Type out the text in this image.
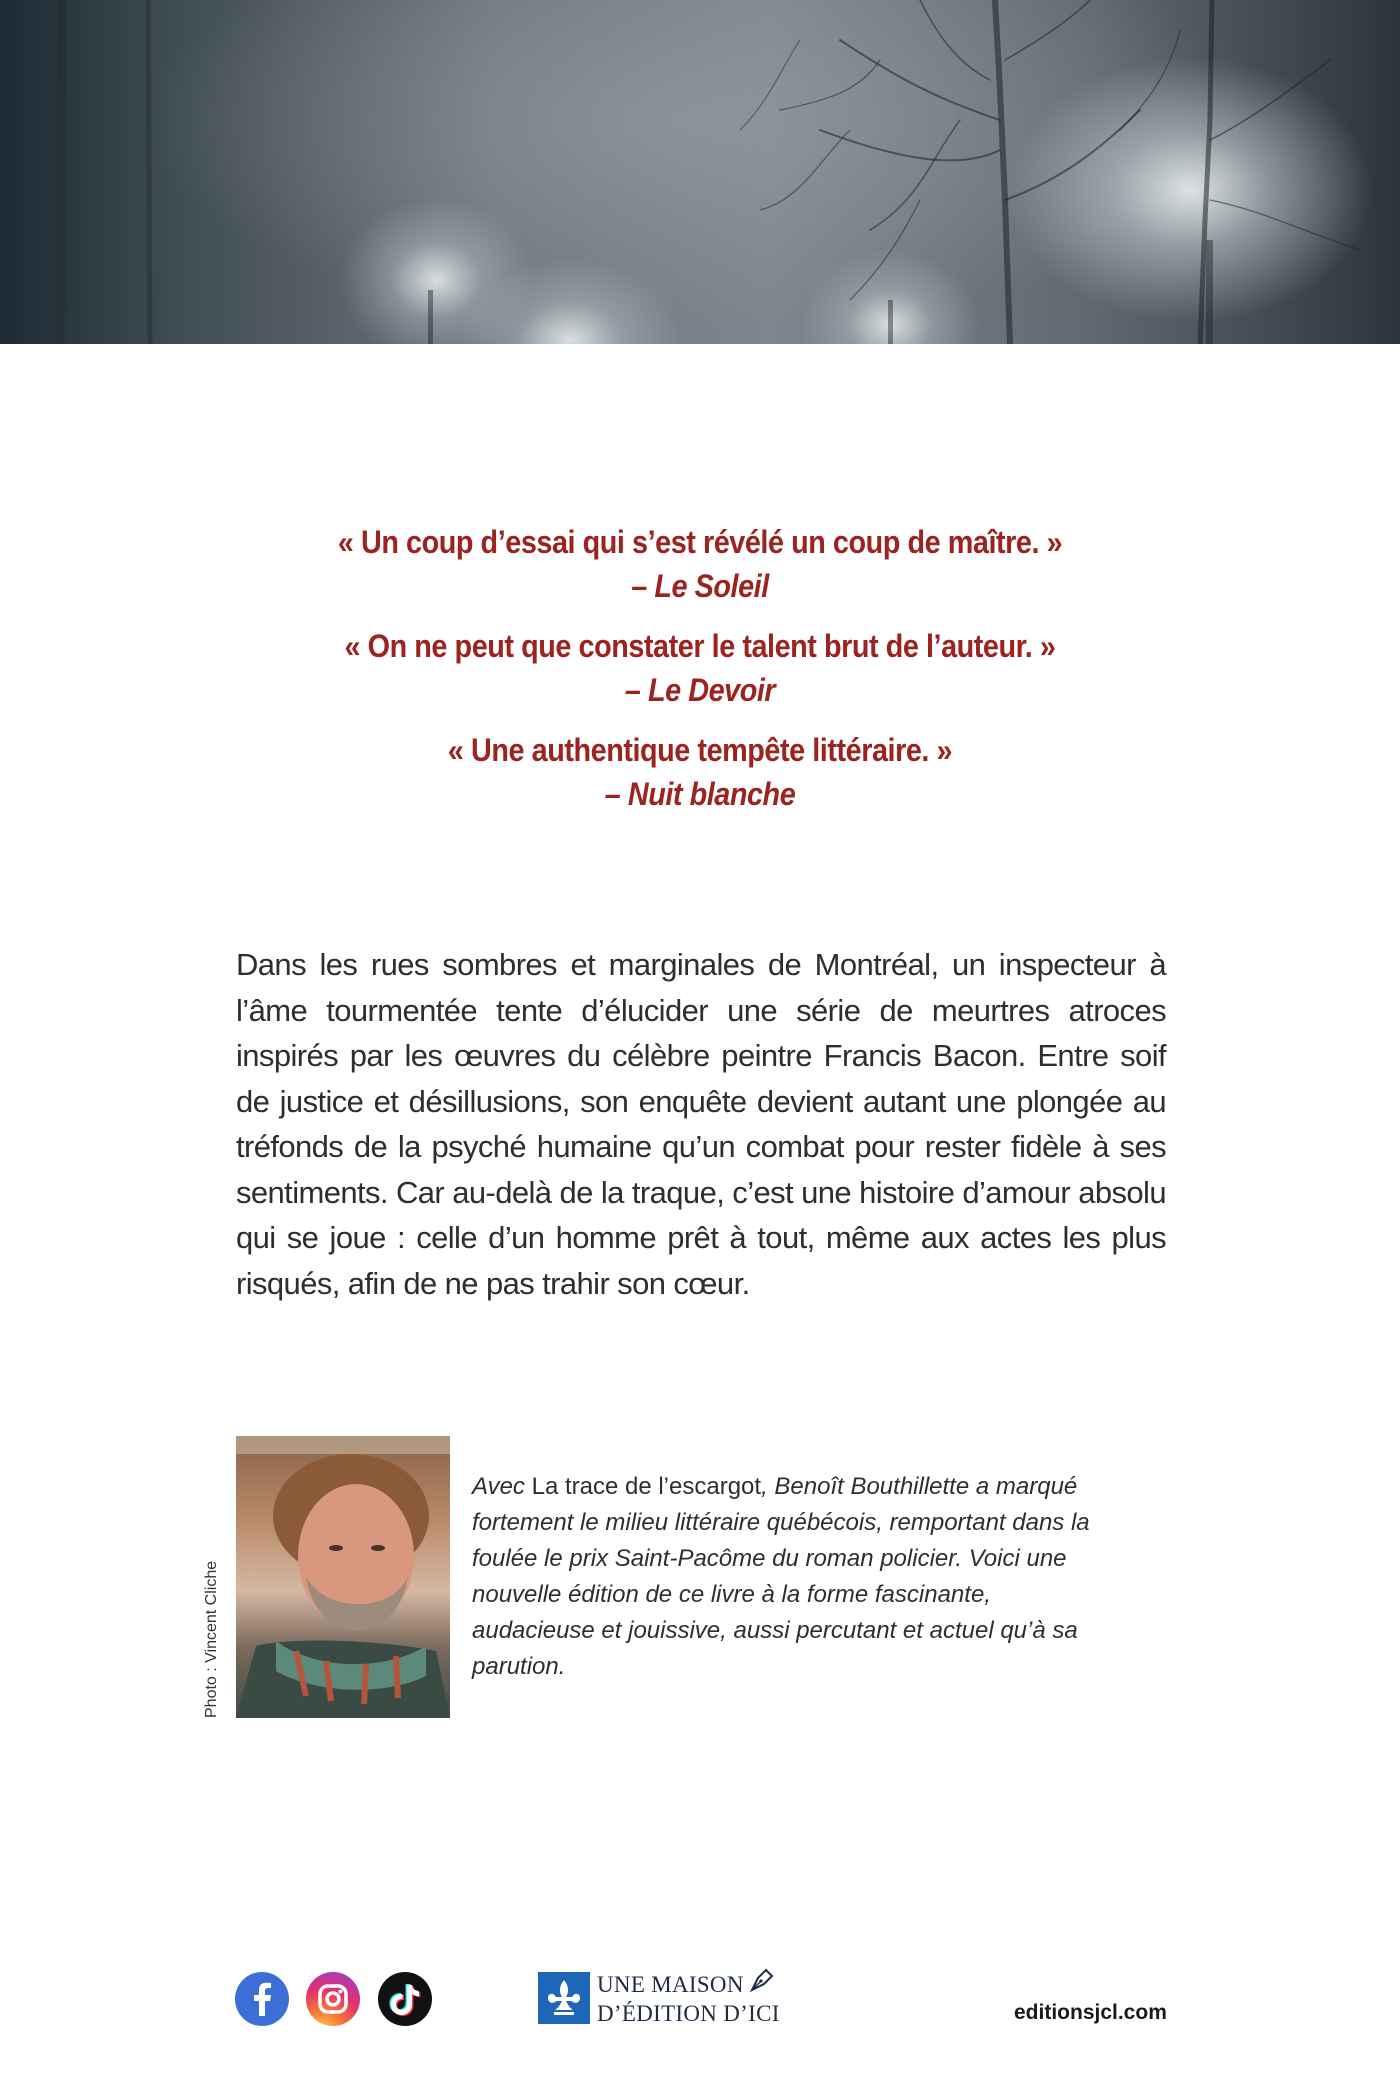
« Un coup d’essai qui s’est révélé un coup de maître. »
– Le Soleil
« On ne peut que constater le talent brut de l’auteur. »
– Le Devoir
« Une authentique tempête littéraire. »
– Nuit blanche

Dans les rues sombres et marginales de Montréal, un inspecteur à l’âme tourmentée tente d’élucider une série de meurtres atroces inspirés par les œuvres du célèbre peintre Francis Bacon. Entre soif de justice et désillusions, son enquête devient autant une plongée au tréfonds de la psyché humaine qu’un combat pour rester fidèle à ses sentiments. Car au-delà de la traque, c’est une histoire d’amour absolu qui se joue : celle d’un homme prêt à tout, même aux actes les plus risqués, afin de ne pas trahir son cœur.

Photo : Vincent Cliche

Avec La trace de l’escargot, Benoît Bouthillette a marqué fortement le milieu littéraire québécois, remportant dans la foulée le prix Saint-Pacôme du roman policier. Voici une nouvelle édition de ce livre à la forme fascinante, audacieuse et jouissive, aussi percutant et actuel qu’à sa parution.

UNE MAISON
D’ÉDITION D’ICI	editionsjcl.com
